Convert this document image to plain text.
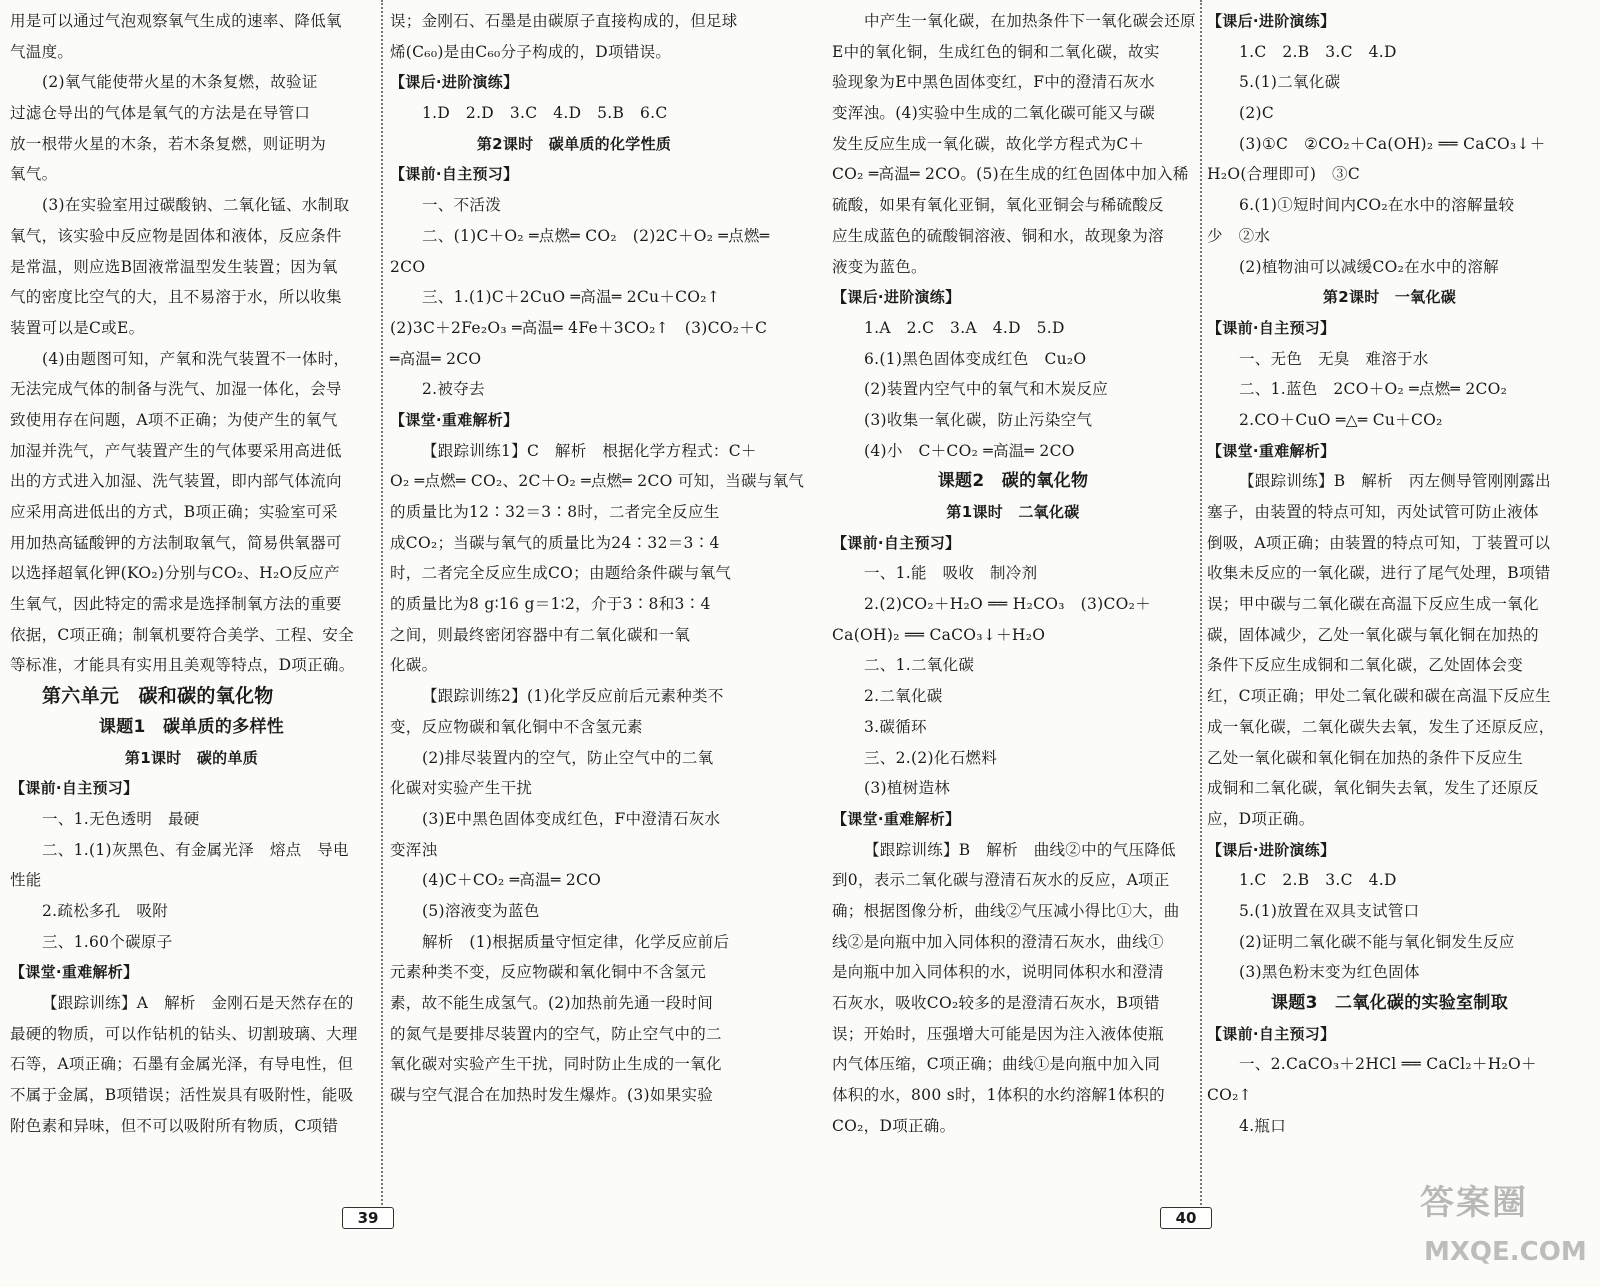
用是可以通过气泡观察氧气生成的速率、降低氧
气温度。
(2)氧气能使带火星的木条复燃，故验证
过滤仓导出的气体是氧气的方法是在导管口
放一根带火星的木条，若木条复燃，则证明为
氧气。
(3)在实验室用过碳酸钠、二氧化锰、水制取
氧气，该实验中反应物是固体和液体，反应条件
是常温，则应选B固液常温型发生装置；因为氧
气的密度比空气的大，且不易溶于水，所以收集
装置可以是C或E。
(4)由题图可知，产氧和洗气装置不一体时，
无法完成气体的制备与洗气、加湿一体化，会导
致使用存在问题，A项不正确；为使产生的氧气
加湿并洗气，产气装置产生的气体要采用高进低
出的方式进入加湿、洗气装置，即内部气体流向
应采用高进低出的方式，B项正确；实验室可采
用加热高锰酸钾的方法制取氧气，简易供氧器可
以选择超氧化钾(KO₂)分别与CO₂、H₂O反应产
生氧气，因此特定的需求是选择制氧方法的重要
依据，C项正确；制氧机要符合美学、工程、安全
等标准，才能具有实用且美观等特点，D项正确。
第六单元　碳和碳的氧化物
课题1　碳单质的多样性
第1课时　碳的单质
【课前·自主预习】
一、1.无色透明　最硬
二、1.(1)灰黑色、有金属光泽　熔点　导电
性能
2.疏松多孔　吸附
三、1.60个碳原子
【课堂·重难解析】
【跟踪训练】A　解析　金刚石是天然存在的
最硬的物质，可以作钻机的钻头、切割玻璃、大理
石等，A项正确；石墨有金属光泽，有导电性，但
不属于金属，B项错误；活性炭具有吸附性，能吸
附色素和异味，但不可以吸附所有物质，C项错
误；金刚石、石墨是由碳原子直接构成的，但足球
烯(C₆₀)是由C₆₀分子构成的，D项错误。
【课后·进阶演练】
1.D　2.D　3.C　4.D　5.B　6.C
第2课时　碳单质的化学性质
【课前·自主预习】
一、不活泼
二、(1)C＋O₂ ═点燃═ CO₂　(2)2C＋O₂ ═点燃═
2CO
三、1.(1)C＋2CuO ═高温═ 2Cu＋CO₂↑
(2)3C＋2Fe₂O₃ ═高温═ 4Fe＋3CO₂↑　(3)CO₂＋C
═高温═ 2CO
2.被夺去
【课堂·重难解析】
【跟踪训练1】C　解析　根据化学方程式：C＋
O₂ ═点燃═ CO₂、2C＋O₂ ═点燃═ 2CO 可知，当碳与氧气
的质量比为12∶32＝3∶8时，二者完全反应生
成CO₂；当碳与氧气的质量比为24∶32＝3∶4
时，二者完全反应生成CO；由题给条件碳与氧气
的质量比为8 g∶16 g＝1∶2，介于3∶8和3∶4
之间，则最终密闭容器中有二氧化碳和一氧
化碳。
【跟踪训练2】(1)化学反应前后元素种类不
变，反应物碳和氧化铜中不含氢元素
(2)排尽装置内的空气，防止空气中的二氧
化碳对实验产生干扰
(3)E中黑色固体变成红色，F中澄清石灰水
变浑浊
(4)C＋CO₂ ═高温═ 2CO
(5)溶液变为蓝色
解析　(1)根据质量守恒定律，化学反应前后
元素种类不变，反应物碳和氧化铜中不含氢元
素，故不能生成氢气。(2)加热前先通一段时间
的氮气是要排尽装置内的空气，防止空气中的二
氧化碳对实验产生干扰，同时防止生成的一氧化
碳与空气混合在加热时发生爆炸。(3)如果实验
中产生一氧化碳，在加热条件下一氧化碳会还原
E中的氧化铜，生成红色的铜和二氧化碳，故实
验现象为E中黑色固体变红，F中的澄清石灰水
变浑浊。(4)实验中生成的二氧化碳可能又与碳
发生反应生成一氧化碳，故化学方程式为C＋
CO₂ ═高温═ 2CO。(5)在生成的红色固体中加入稀
硫酸，如果有氧化亚铜，氧化亚铜会与稀硫酸反
应生成蓝色的硫酸铜溶液、铜和水，故现象为溶
液变为蓝色。
【课后·进阶演练】
1.A　2.C　3.A　4.D　5.D
6.(1)黑色固体变成红色　Cu₂O
(2)装置内空气中的氧气和木炭反应
(3)收集一氧化碳，防止污染空气
(4)小　C＋CO₂ ═高温═ 2CO
课题2　碳的氧化物
第1课时　二氧化碳
【课前·自主预习】
一、1.能　吸收　制冷剂
2.(2)CO₂＋H₂O ══ H₂CO₃　(3)CO₂＋
Ca(OH)₂ ══ CaCO₃↓＋H₂O
二、1.二氧化碳
2.二氧化碳
3.碳循环
三、2.(2)化石燃料
(3)植树造林
【课堂·重难解析】
【跟踪训练】B　解析　曲线②中的气压降低
到0，表示二氧化碳与澄清石灰水的反应，A项正
确；根据图像分析，曲线②气压减小得比①大，曲
线②是向瓶中加入同体积的澄清石灰水，曲线①
是向瓶中加入同体积的水，说明同体积水和澄清
石灰水，吸收CO₂较多的是澄清石灰水，B项错
误；开始时，压强增大可能是因为注入液体使瓶
内气体压缩，C项正确；曲线①是向瓶中加入同
体积的水，800 s时，1体积的水约溶解1体积的
CO₂，D项正确。
【课后·进阶演练】
1.C　2.B　3.C　4.D
5.(1)二氧化碳
(2)C
(3)①C　②CO₂＋Ca(OH)₂ ══ CaCO₃↓＋
H₂O(合理即可)　③C
6.(1)①短时间内CO₂在水中的溶解量较
少　②水
(2)植物油可以减缓CO₂在水中的溶解
第2课时　一氧化碳
【课前·自主预习】
一、无色　无臭　难溶于水
二、1.蓝色　2CO＋O₂ ═点燃═ 2CO₂
2.CO＋CuO ═△═ Cu＋CO₂
【课堂·重难解析】
【跟踪训练】B　解析　丙左侧导管刚刚露出
塞子，由装置的特点可知，丙处试管可防止液体
倒吸，A项正确；由装置的特点可知，丁装置可以
收集未反应的一氧化碳，进行了尾气处理，B项错
误；甲中碳与二氧化碳在高温下反应生成一氧化
碳，固体减少，乙处一氧化碳与氧化铜在加热的
条件下反应生成铜和二氧化碳，乙处固体会变
红，C项正确；甲处二氧化碳和碳在高温下反应生
成一氧化碳，二氧化碳失去氧，发生了还原反应，
乙处一氧化碳和氧化铜在加热的条件下反应生
成铜和二氧化碳，氧化铜失去氧，发生了还原反
应，D项正确。
【课后·进阶演练】
1.C　2.B　3.C　4.D
5.(1)放置在双具支试管口
(2)证明二氧化碳不能与氧化铜发生反应
(3)黑色粉末变为红色固体
课题3　二氧化碳的实验室制取
【课前·自主预习】
一、2.CaCO₃＋2HCl ══ CaCl₂＋H₂O＋
CO₂↑
4.瓶口
39	40	答案圈
MXQE.COM
